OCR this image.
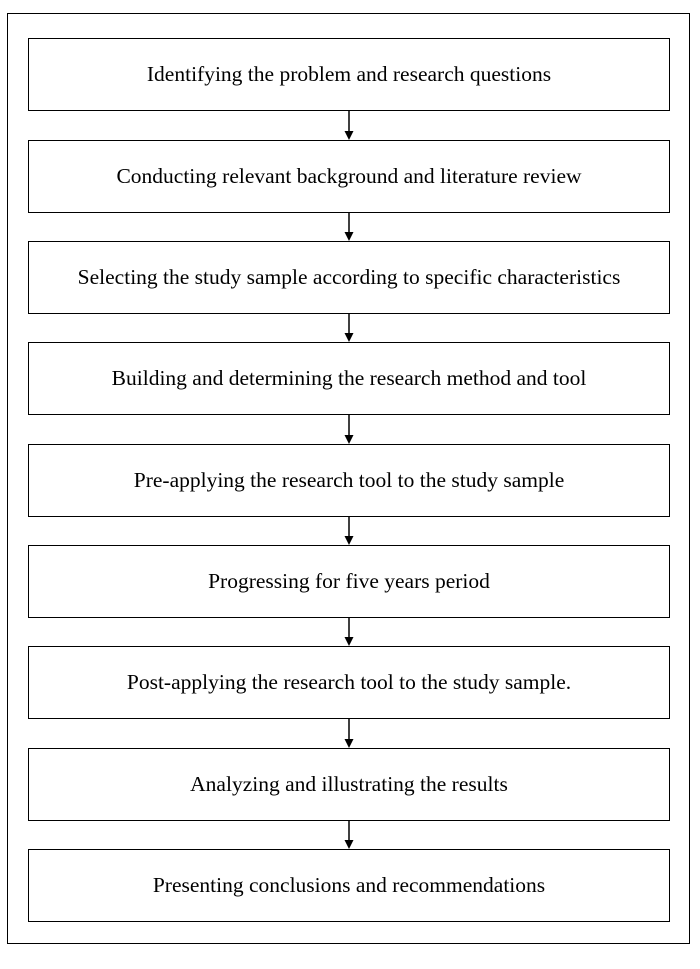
Identifying the problem and research questions
Conducting relevant background and literature review
Selecting the study sample according to specific characteristics
Building and determining the research method and tool
Pre-applying the research tool to the study sample
Progressing for five years period
Post-applying the research tool to the study sample.
Analyzing and illustrating the results
Presenting conclusions and recommendations
